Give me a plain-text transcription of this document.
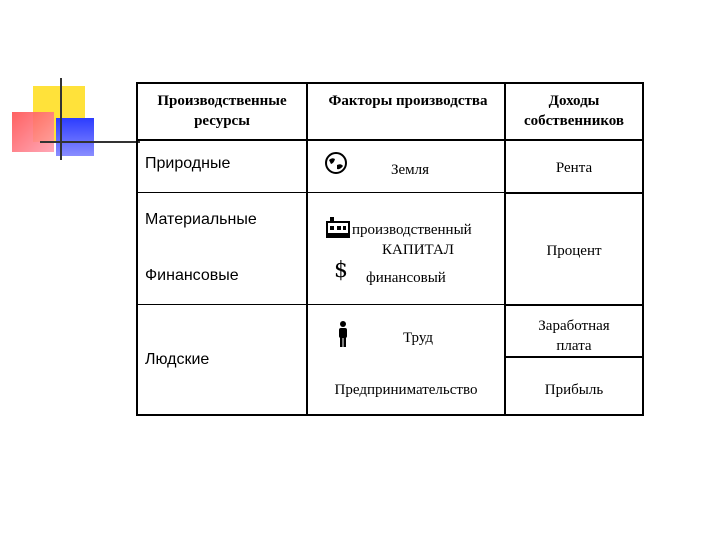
Производственные ресурсы
Факторы производства	Доходы собственников
Природные
Материальные
Финансовые
Людские
$
Земля
производственный
КАПИТАЛ
финансовый
Труд
Предпринимательство
Рента
Процент
Заработная плата
Прибыль
